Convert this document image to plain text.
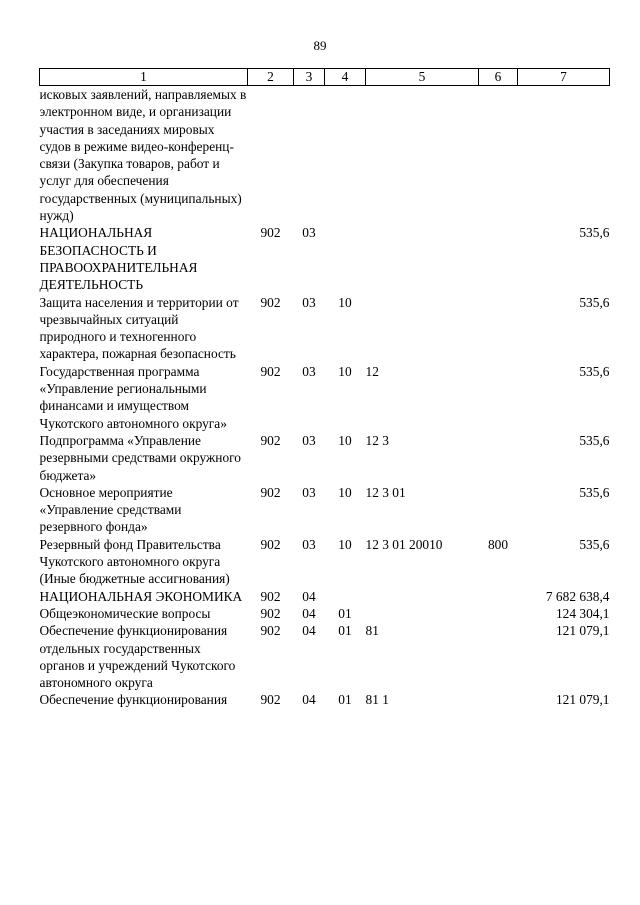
89
1	2	3	4	5	6	7
исковых заявлений, направляемых в электронном виде, и организации участия в заседаниях мировых судов в режиме видео-конференц-связи (Закупка товаров, работ и услуг для обеспечения государственных (муниципальных) нужд)						
НАЦИОНАЛЬНАЯ БЕЗОПАСНОСТЬ И ПРАВООХРАНИТЕЛЬНАЯ ДЕЯТЕЛЬНОСТЬ	902	03				535,6
Защита населения и территории от чрезвычайных ситуаций природного и техногенного характера, пожарная безопасность	902	03	10			535,6
Государственная программа «Управление региональными финансами и имуществом Чукотского автономного округа»	902	03	10	12		535,6
Подпрограмма «Управление резервными средствами окружного бюджета»	902	03	10	12 3		535,6
Основное мероприятие «Управление средствами резервного фонда»	902	03	10	12 3 01		535,6
Резервный фонд Правительства Чукотского автономного округа (Иные бюджетные ассигнования)	902	03	10	12 3 01 20010	800	535,6
НАЦИОНАЛЬНАЯ ЭКОНОМИКА	902	04				7 682 638,4
Общеэкономические вопросы	902	04	01			124 304,1
Обеспечение функционирования отдельных государственных органов и учреждений Чукотского автономного округа	902	04	01	81		121 079,1
Обеспечение функционирования	902	04	01	81 1		121 079,1
